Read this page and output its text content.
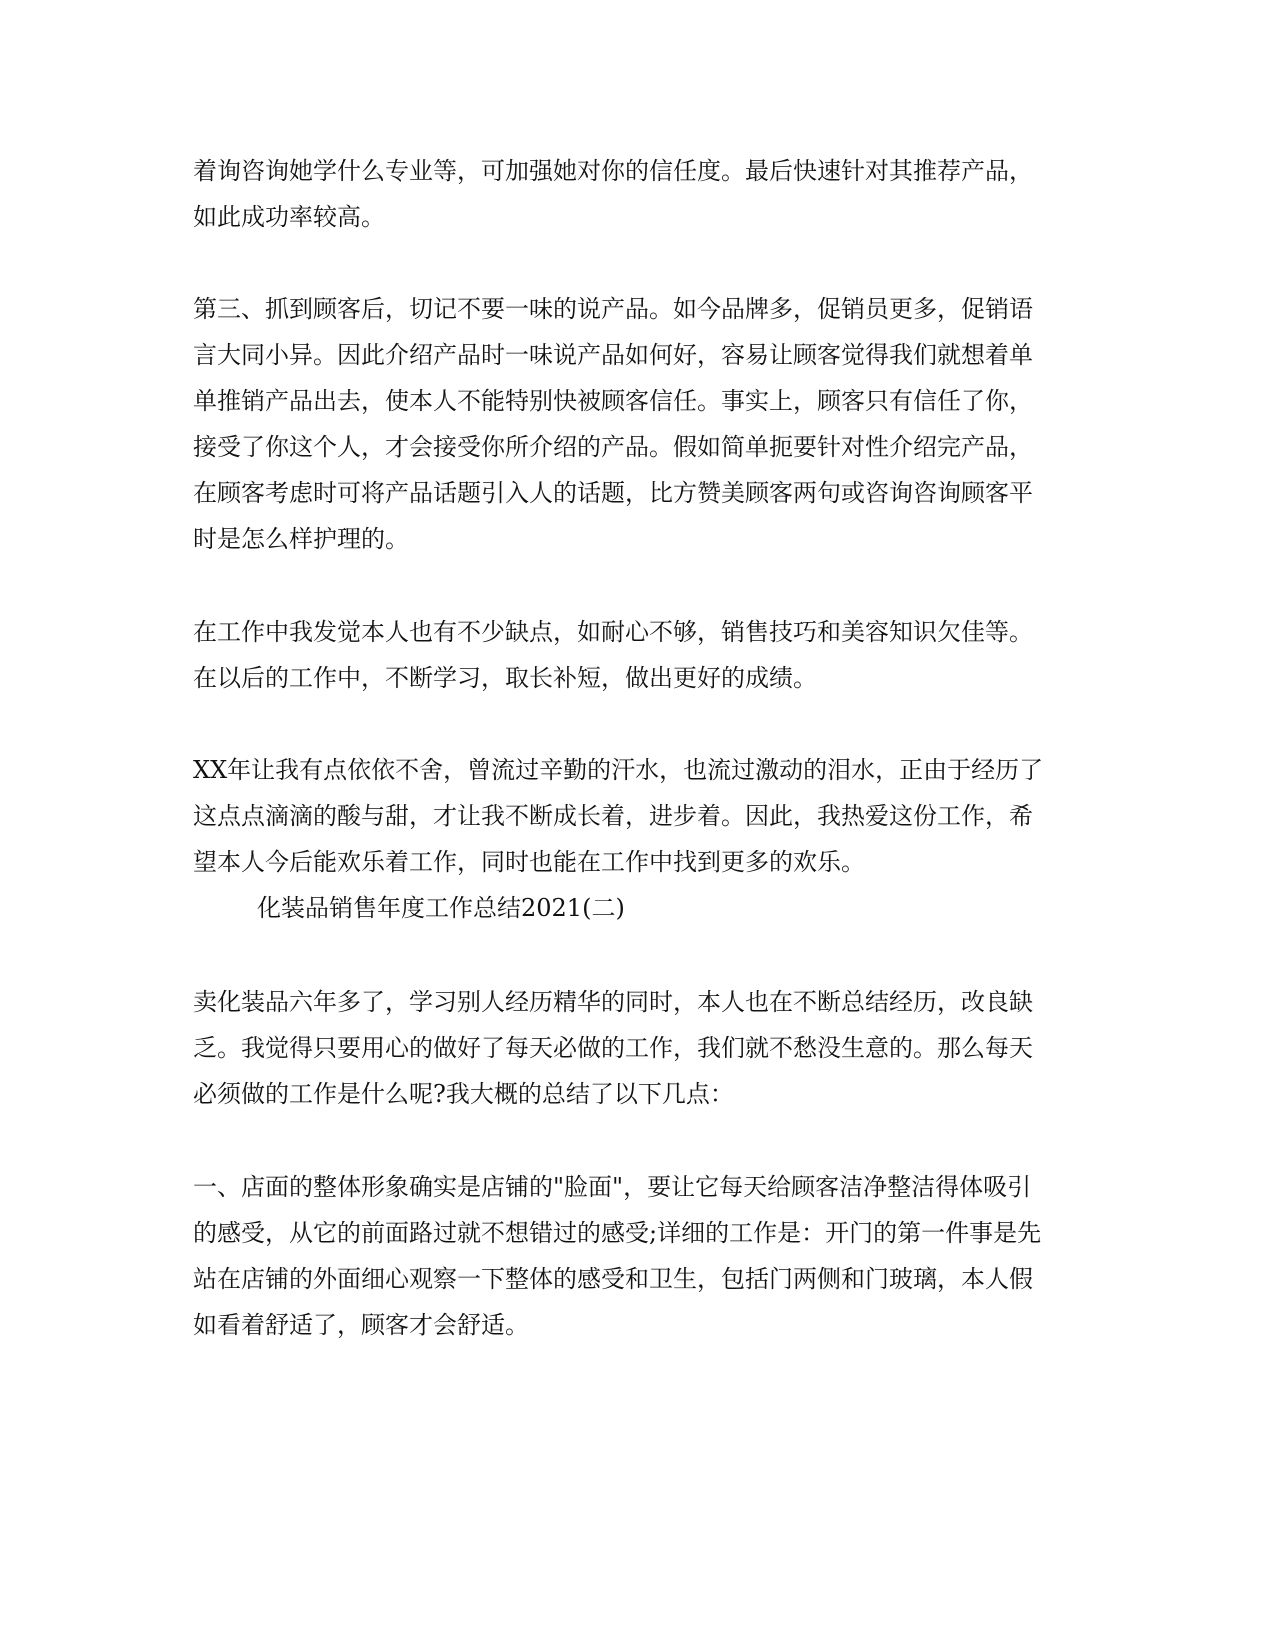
着询咨询她学什么专业等，可加强她对你的信任度。最后快速针对其推荐产品，

如此成功率较高。

第三、抓到顾客后，切记不要一味的说产品。如今品牌多，促销员更多，促销语

言大同小异。因此介绍产品时一味说产品如何好，容易让顾客觉得我们就想着单

单推销产品出去，使本人不能特别快被顾客信任。事实上，顾客只有信任了你，

接受了你这个人，才会接受你所介绍的产品。假如简单扼要针对性介绍完产品，

在顾客考虑时可将产品话题引入人的话题，比方赞美顾客两句或咨询咨询顾客平

时是怎么样护理的。

在工作中我发觉本人也有不少缺点，如耐心不够，销售技巧和美容知识欠佳等。

在以后的工作中，不断学习，取长补短，做出更好的成绩。

XX年让我有点依依不舍，曾流过辛勤的汗水，也流过激动的泪水，正由于经历了

这点点滴滴的酸与甜，才让我不断成长着，进步着。因此，我热爱这份工作，希

望本人今后能欢乐着工作，同时也能在工作中找到更多的欢乐。

化装品销售年度工作总结2021(二)

卖化装品六年多了，学习别人经历精华的同时，本人也在不断总结经历，改良缺

乏。我觉得只要用心的做好了每天必做的工作，我们就不愁没生意的。那么每天

必须做的工作是什么呢?我大概的总结了以下几点：

一、店面的整体形象确实是店铺的"脸面"，要让它每天给顾客洁净整洁得体吸引

的感受，从它的前面路过就不想错过的感受;详细的工作是：开门的第一件事是先

站在店铺的外面细心观察一下整体的感受和卫生，包括门两侧和门玻璃，本人假

如看着舒适了，顾客才会舒适。
